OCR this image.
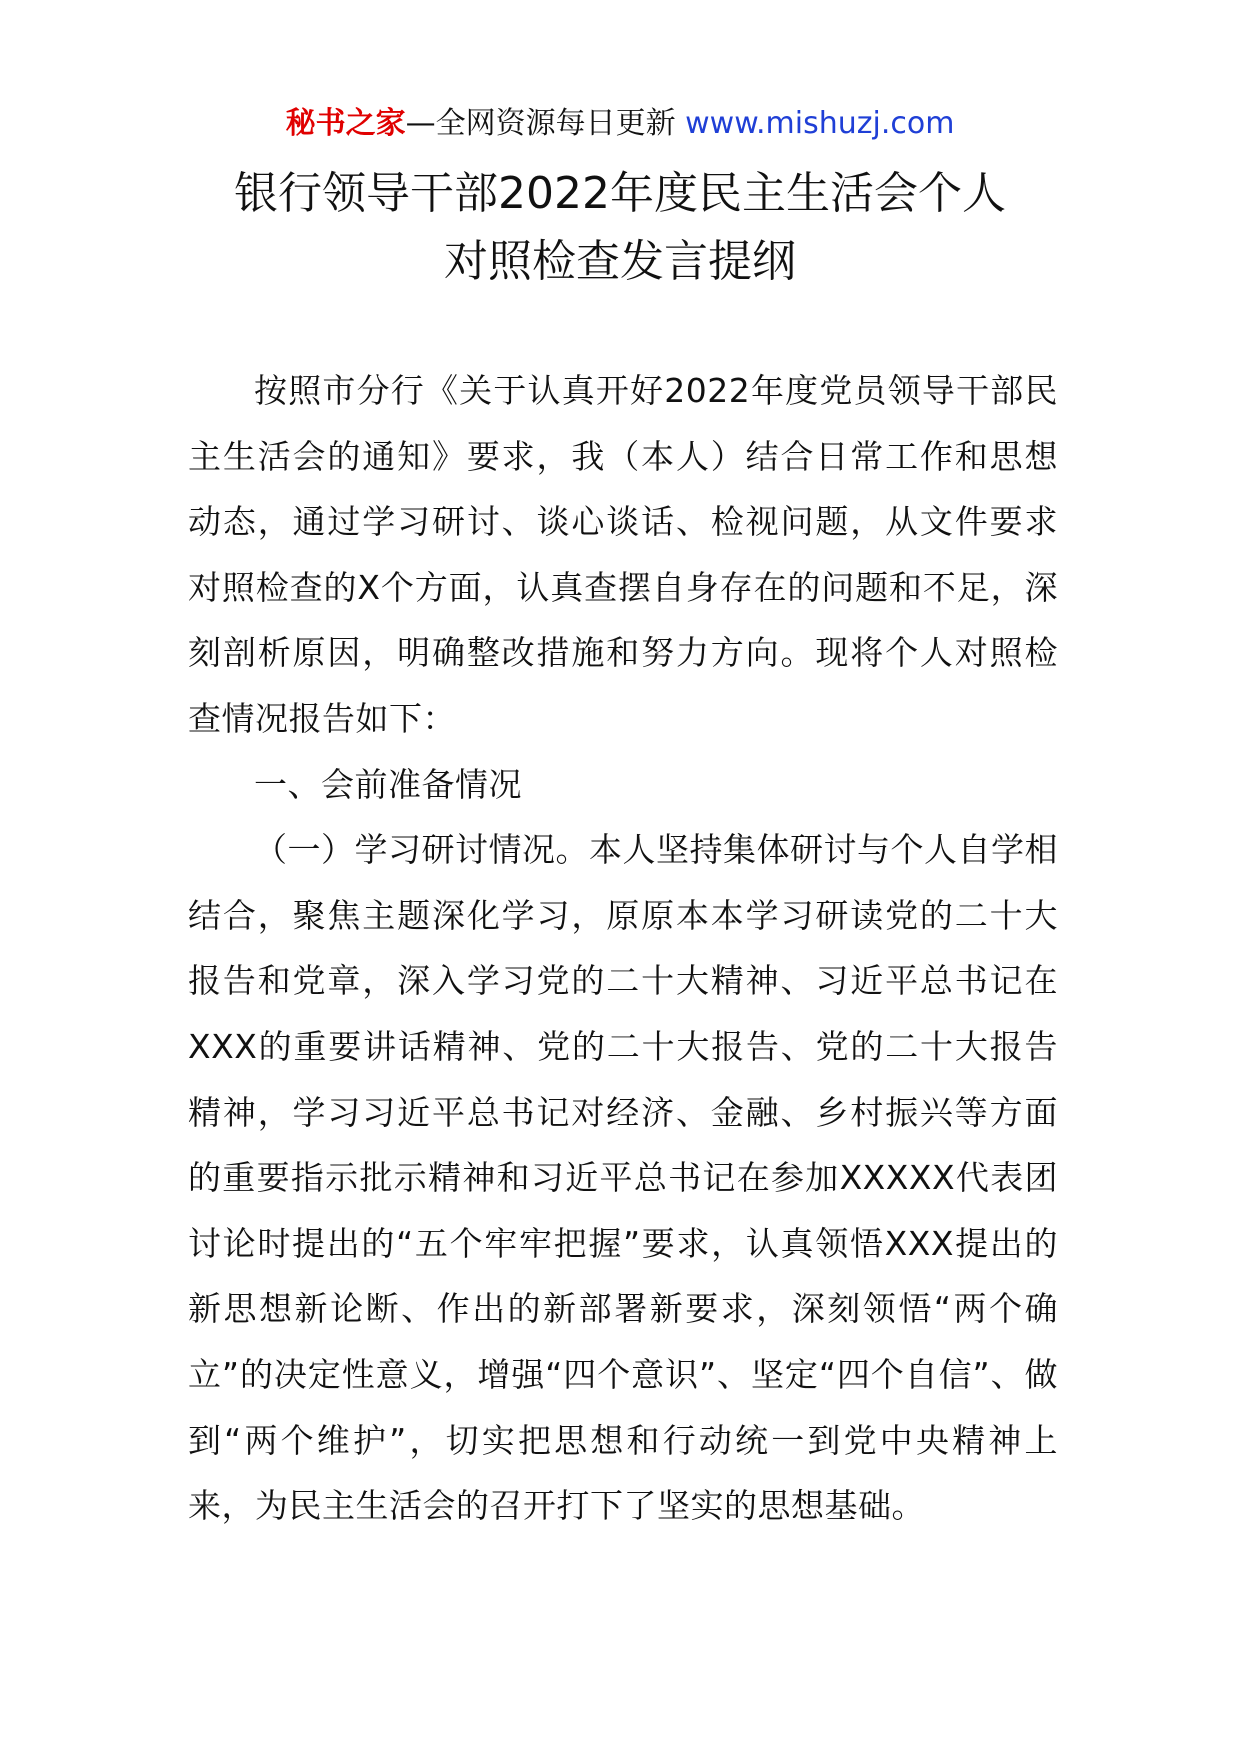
秘书之家—全网资源每日更新 www.mishuzj.com
银行领导干部2022年度民主生活会个人
对照检查发言提纲

按照市分行《关于认真开好2022年度党员领导干部民主生活会的通知》要求，我（本人）结合日常工作和思想动态，通过学习研讨、谈心谈话、检视问题，从文件要求对照检查的X个方面，认真查摆自身存在的问题和不足，深刻剖析原因，明确整改措施和努力方向。现将个人对照检查情况报告如下：

一、会前准备情况

（一）学习研讨情况。本人坚持集体研讨与个人自学相结合，聚焦主题深化学习，原原本本学习研读党的二十大报告和党章，深入学习党的二十大精神、习近平总书记在XXX的重要讲话精神、党的二十大报告、党的二十大报告精神，学习习近平总书记对经济、金融、乡村振兴等方面的重要指示批示精神和习近平总书记在参加XXXXX代表团讨论时提出的“五个牢牢把握”要求，认真领悟XXX提出的新思想新论断、作出的新部署新要求，深刻领悟“两个确立”的决定性意义，增强“四个意识”、坚定“四个自信”、做到“两个维护”，切实把思想和行动统一到党中央精神上来，为民主生活会的召开打下了坚实的思想基础。
